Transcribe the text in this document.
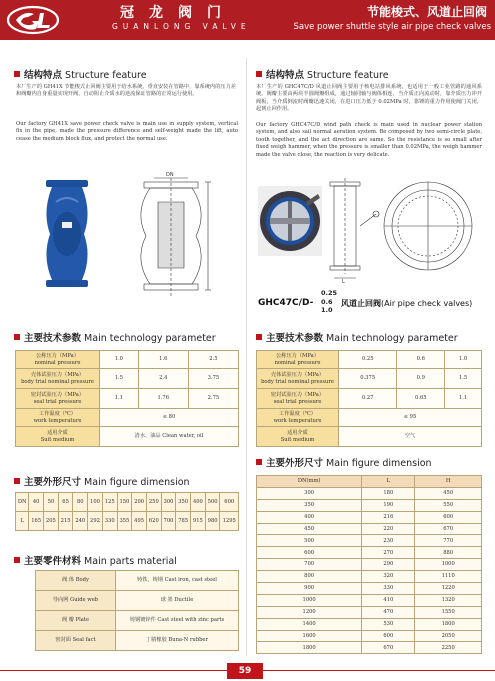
冠龙阀门
GUANLONG VALVE
节能梭式、风道止回阀
Save power shuttle style air pipe check valves
结构特点 Structure feature
本厂生产的 GH41X 节能梭式止回阀主要用于给水系统，垂直安装在管路中，靠系统内的压力差和阀瓣内自身重量实现开阀、自动阻止介质水的逆流保证管路的正常运行使用。
Our factory GH41X save power check valve is main use in supply system, vertical fix in the pipe, made the pressure difference and self-weight made the lift, auto cease the medium block flux, and protect the normal use.
DN
主要技术参数 Main technology parameter
公称压力（MPa）
nominal pressure	1.0	1.6	2.5

壳体试验压力（MPa）
body trial nominal pressure	1.5	2.4	3.75

密封试验压力（MPa）
seal trial pressure	1.1	1.76	2.75

工作温度（℃）
work temperature	≤ 80		

适用介质
Suit medium	清水、油品 Clean water, oil		
主要外形尺寸 Main figure dimension
DN	40	50	65	80	100	125	150	200	250	300	350	400	500	600
L	165	205	215	240	292	330	355	495	620	700	785	915	980	1295
主要零件材料 Main parts material
阀 体 Body	铸铁、铸钢 Cast iron, cast steel
导向网 Guide web	球 墨 Ductile
阀 瓣 Plate	铸钢镀锌件 Cast steel with zinc parts
密封面 Seal fact	丁腈橡胶 Buna-N rubber
结构特点 Structure feature
本厂生产的 GHC47C/D 风道止回阀主要用于核电站排风系统，也适用于一般工业管路的通风系统。阀瓣主要由两块半圆阀瓣组成，通过轴同轴与阀体相连，当介质正向流动时，靠介质压力冲开阀板，当介质倒流时阀瓣迅速关闭，在进口压力低于 0.02MPa 时，靠锤的重力作用使阀门关闭，起到止回作用。
Our factory GHC47C/D wind path check is main used in nuclear power station system, and also sail normal aeration system. Be composed by two semi-circle plate, tooth together, and the act direction are same. So the resistance is so small after fixed weigh hammer, when the pressure is smaller than 0.02MPa, the weigh hammer made the valve close, the reaction is very delicate.
L
0.25
0.6
1.0
GHC47C/D-	风道止回阀(Air pipe check valves)
主要技术参数 Main technology parameter
公称压力（MPa）
nominal pressure	0.25	0.6	1.0

壳体试验压力（MPa）
body trial nominal pressure	0.375	0.9	1.5

密封试验压力（MPa）
seal trial pressure	0.27	0.65	1.1

工作温度（℃）
work temperature	≤ 95		

适用介质
Suit medium	空气		
主要外形尺寸 Main figure dimension
DN(mm)	L	H
300	180	450
350	190	550
400	216	600
450	220	670
500	230	770
600	270	880
700	290	1000
800	320	1110
900	330	1220
1000	410	1320
1200	470	1550
1400	530	1800
1600	600	2050
1800	670	2250
59
